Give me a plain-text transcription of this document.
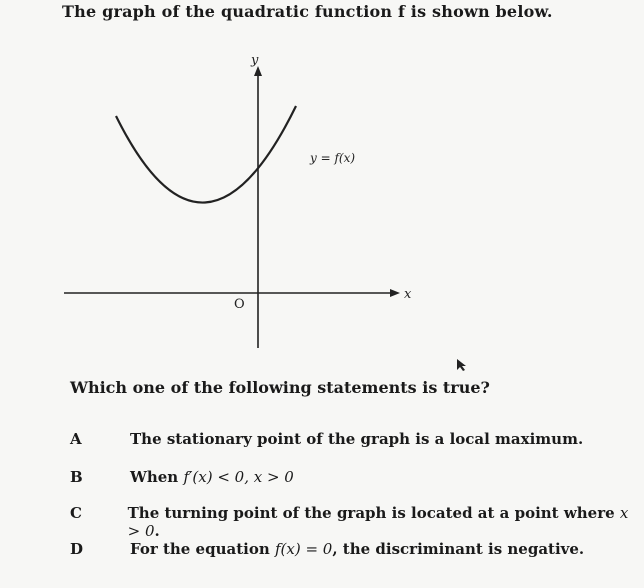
The graph of the quadratic function f is shown below.
y
x
O
y = f(x)
Which one of the following statements is true?
A	The stationary point of the graph is a local maximum.
B	When f′(x) < 0, x > 0
C	The turning point of the graph is located at a point where x > 0.
D	For the equation f(x) = 0, the discriminant is negative.
